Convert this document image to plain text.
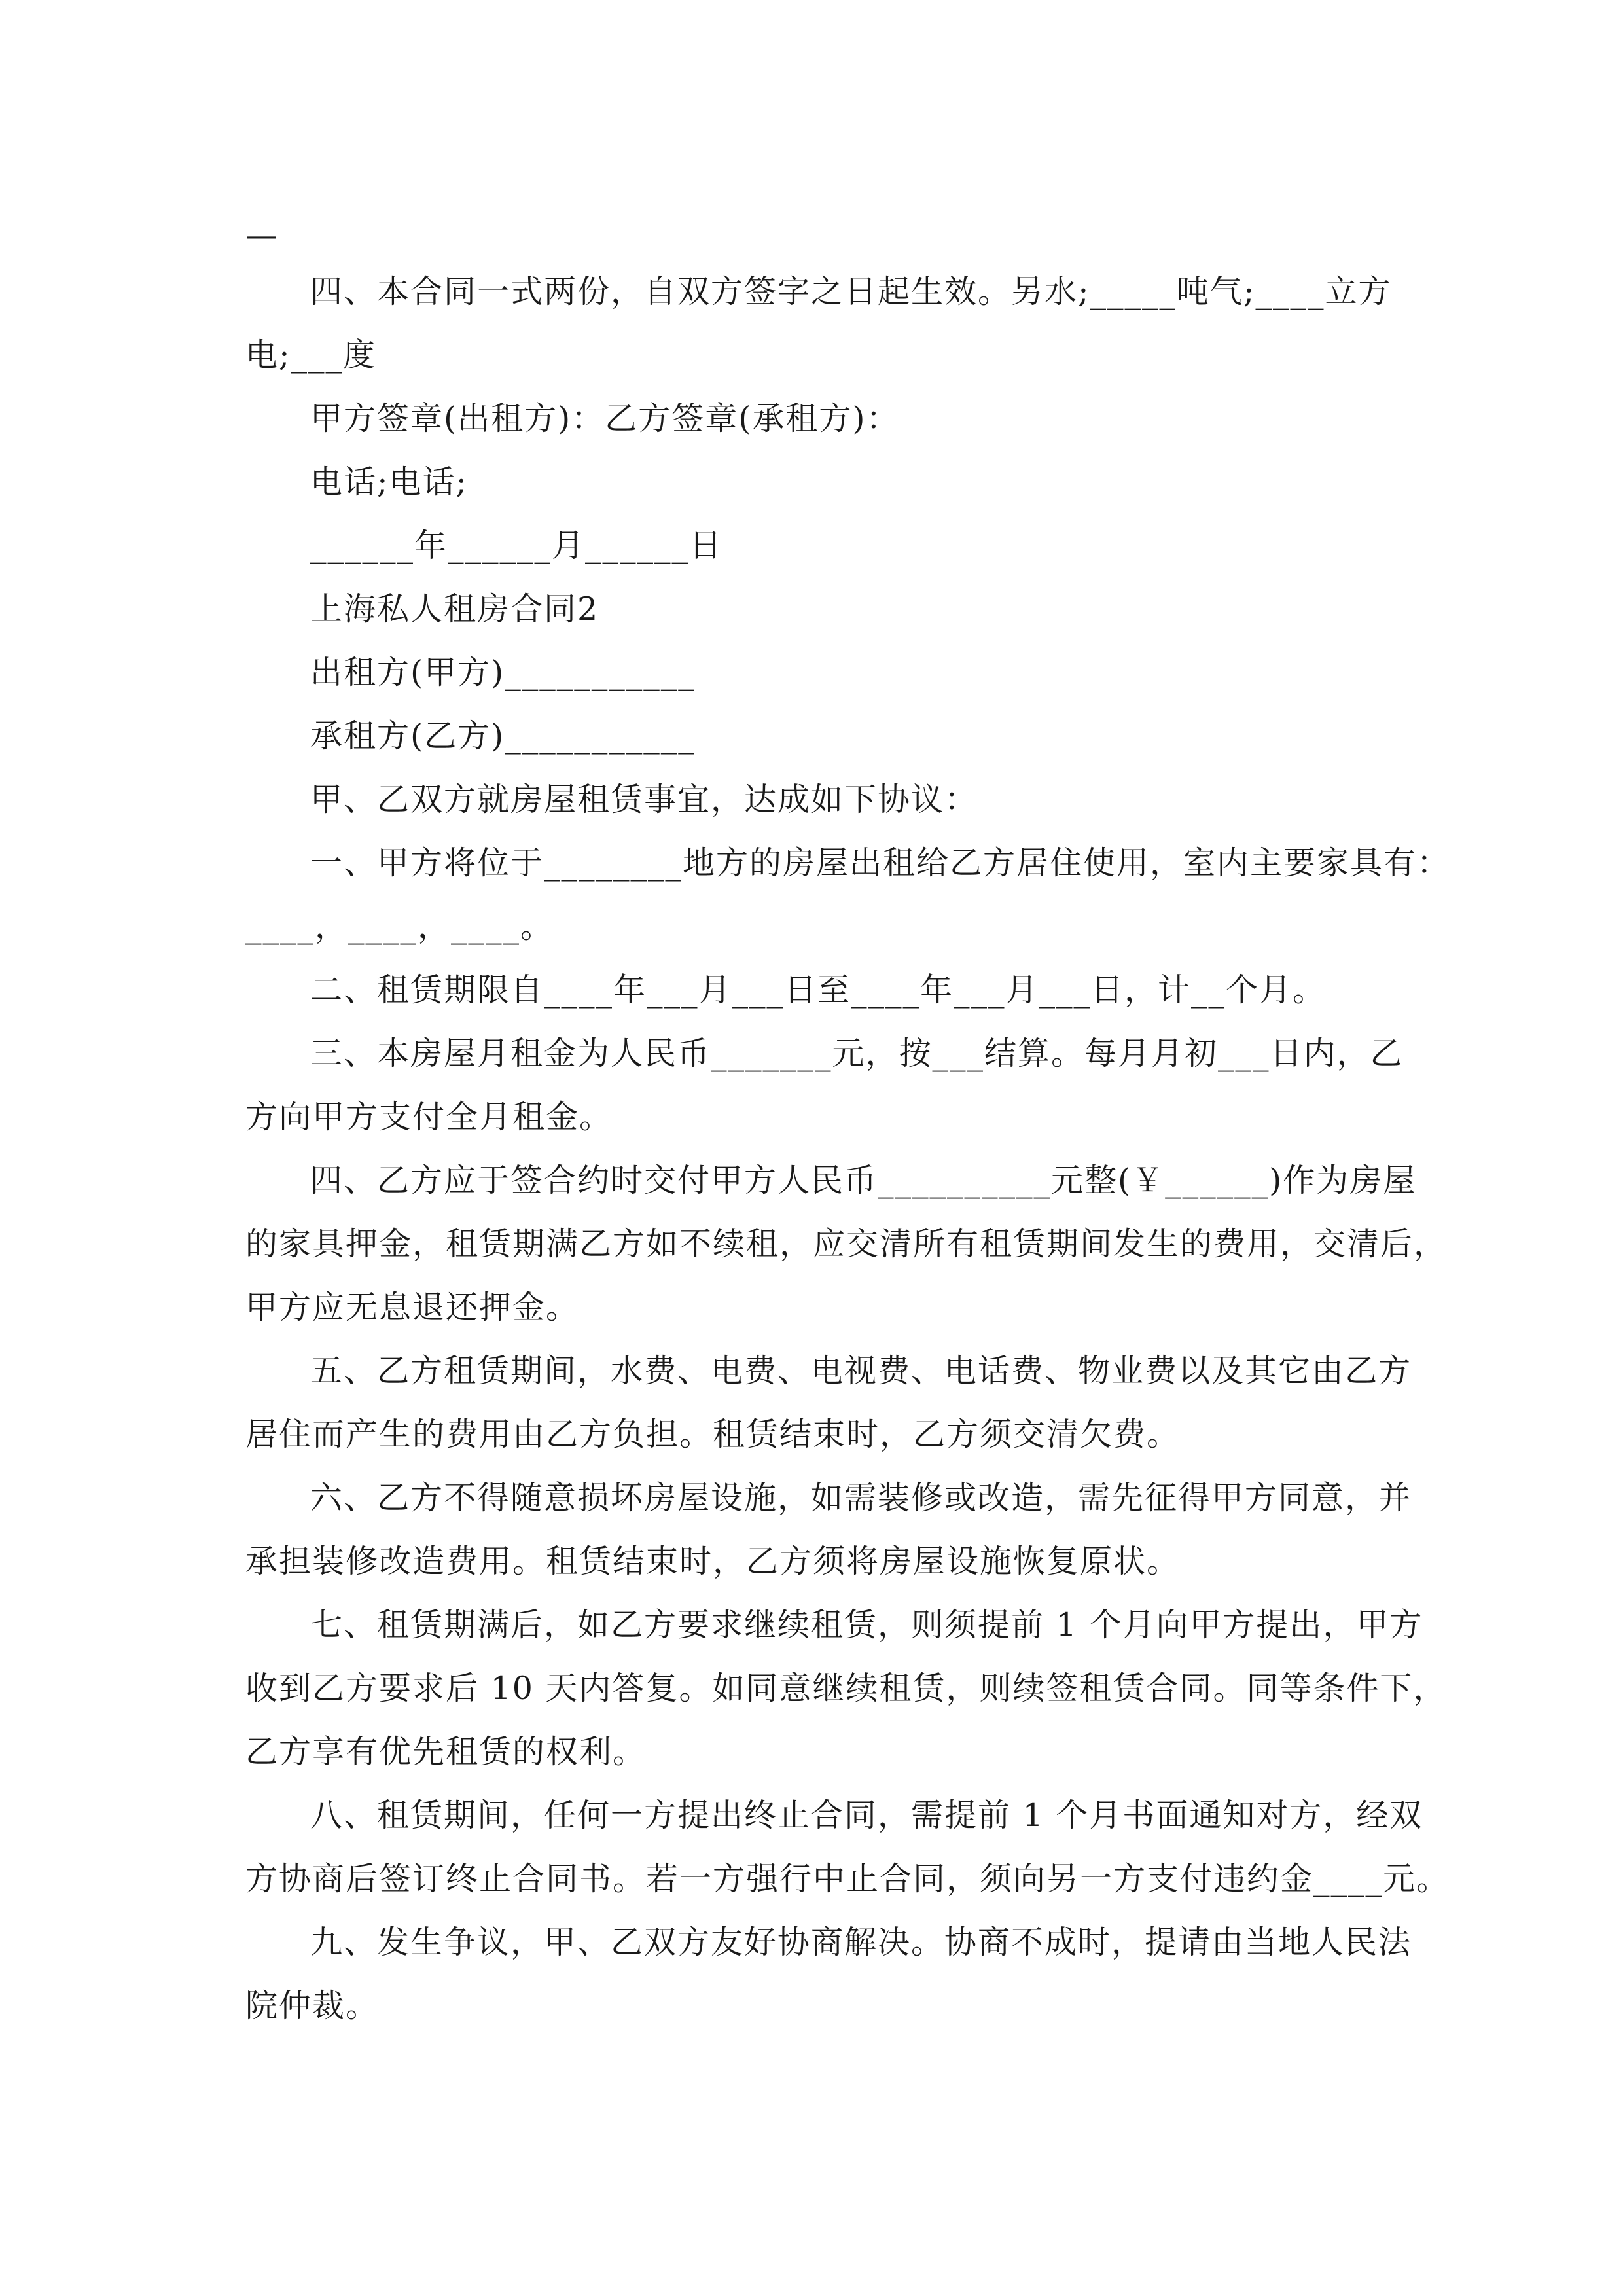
—
四、本合同一式两份，自双方签字之日起生效。另水;_____吨气;____立方
电;___度
甲方签章(出租方)：乙方签章(承租方)：
电话;电话;
______年______月______日
上海私人租房合同2
出租方(甲方)___________
承租方(乙方)___________
甲、乙双方就房屋租赁事宜，达成如下协议：
一、甲方将位于________地方的房屋出租给乙方居住使用，室内主要家具有：
____，____，____。
二、租赁期限自____年___月___日至____年___月___日，计__个月。
三、本房屋月租金为人民币_______元，按___结算。每月月初___日内，乙
方向甲方支付全月租金。
四、乙方应于签合约时交付甲方人民币__________元整(￥______)作为房屋
的家具押金，租赁期满乙方如不续租，应交清所有租赁期间发生的费用，交清后，
甲方应无息退还押金。
五、乙方租赁期间，水费、电费、电视费、电话费、物业费以及其它由乙方
居住而产生的费用由乙方负担。租赁结束时，乙方须交清欠费。
六、乙方不得随意损坏房屋设施，如需装修或改造，需先征得甲方同意，并
承担装修改造费用。租赁结束时，乙方须将房屋设施恢复原状。
七、租赁期满后，如乙方要求继续租赁，则须提前 1 个月向甲方提出，甲方
收到乙方要求后 10 天内答复。如同意继续租赁，则续签租赁合同。同等条件下，
乙方享有优先租赁的权利。
八、租赁期间，任何一方提出终止合同，需提前 1 个月书面通知对方，经双
方协商后签订终止合同书。若一方强行中止合同，须向另一方支付违约金____元。
九、发生争议，甲、乙双方友好协商解决。协商不成时，提请由当地人民法
院仲裁。
